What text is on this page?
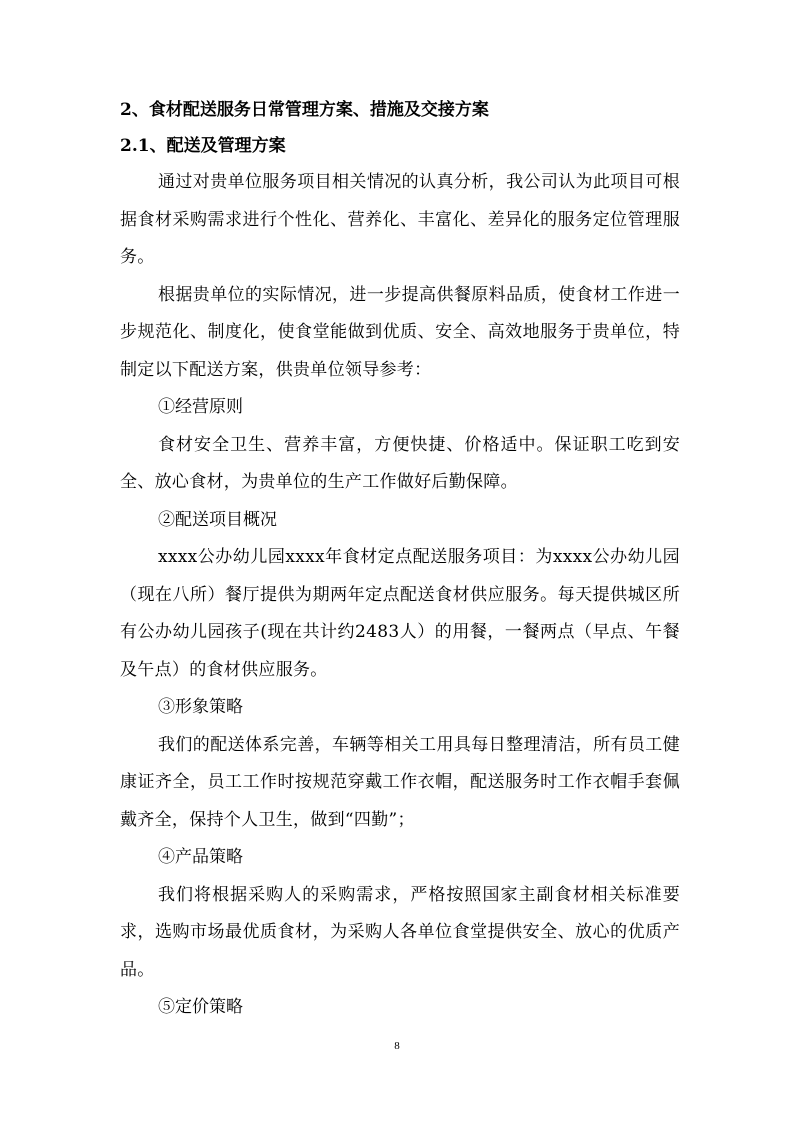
2、食材配送服务日常管理方案、措施及交接方案

2.1、配送及管理方案

通过对贵单位服务项目相关情况的认真分析，我公司认为此项目可根据食材采购需求进行个性化、营养化、丰富化、差异化的服务定位管理服务。

根据贵单位的实际情况，进一步提高供餐原料品质，使食材工作进一步规范化、制度化，使食堂能做到优质、安全、高效地服务于贵单位，特制定以下配送方案，供贵单位领导参考：

①经营原则

食材安全卫生、营养丰富，方便快捷、价格适中。保证职工吃到安全、放心食材，为贵单位的生产工作做好后勤保障。

②配送项目概况

xxxx公办幼儿园xxxx年食材定点配送服务项目：为xxxx公办幼儿园（现在八所）餐厅提供为期两年定点配送食材供应服务。每天提供城区所有公办幼儿园孩子(现在共计约2483人）的用餐，一餐两点（早点、午餐及午点）的食材供应服务。

③形象策略

我们的配送体系完善，车辆等相关工用具每日整理清洁，所有员工健康证齐全，员工工作时按规范穿戴工作衣帽，配送服务时工作衣帽手套佩戴齐全，保持个人卫生，做到“四勤”；

④产品策略

我们将根据采购人的采购需求，严格按照国家主副食材相关标准要求，选购市场最优质食材，为采购人各单位食堂提供安全、放心的优质产品。

⑤定价策略

8
